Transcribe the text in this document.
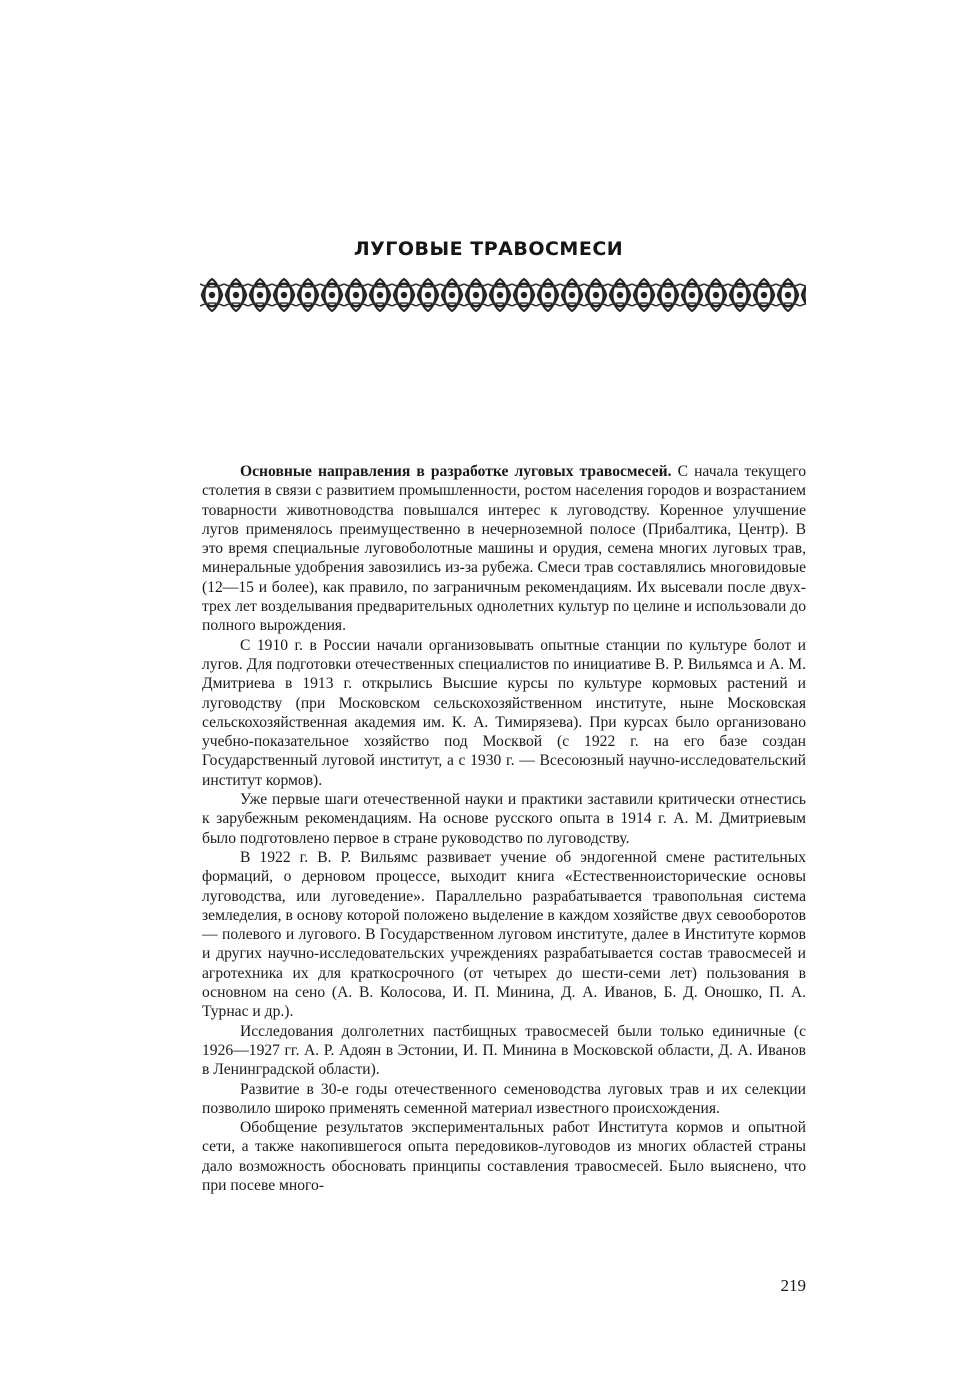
ЛУГОВЫЕ ТРАВОСМЕСИ

Основные направления в разработке луговых травосмесей. С начала текущего столетия в связи с развитием промышленности, ростом населения городов и возрастанием товарности животноводства повышался интерес к луговодству. Коренное улучшение лугов применялось преимущественно в нечерноземной полосе (Прибалтика, Центр). В это время специальные луговоболотные машины и орудия, семена многих луговых трав, минеральные удобрения завозились из-за рубежа. Смеси трав составлялись многовидовые (12—15 и более), как правило, по заграничным рекомендациям. Их высевали после двух-трех лет возделывания предварительных однолетних культур по целине и использовали до полного вырождения.

С 1910 г. в России начали организовывать опытные станции по культуре болот и лугов. Для подготовки отечественных специалистов по инициативе В. Р. Вильямса и А. М. Дмитриева в 1913 г. открылись Высшие курсы по культуре кормовых растений и луговодству (при Московском сельскохозяйственном институте, ныне Московская сельскохозяйственная академия им. К. А. Тимирязева). При курсах было организовано учебно-показательное хозяйство под Москвой (с 1922 г. на его базе создан Государственный луговой институт, а с 1930 г. — Всесоюзный научно-исследовательский институт кормов).

Уже первые шаги отечественной науки и практики заставили критически отнестись к зарубежным рекомендациям. На основе русского опыта в 1914 г. А. М. Дмитриевым было подготовлено первое в стране руководство по луговодству.

В 1922 г. В. Р. Вильямс развивает учение об эндогенной смене растительных формаций, о дерновом процессе, выходит книга «Естественноисторические основы луговодства, или луговедение». Параллельно разрабатывается травопольная система земледелия, в основу которой положено выделение в каждом хозяйстве двух севооборотов — полевого и лугового. В Государственном луговом институте, далее в Институте кормов и других научно-исследовательских учреждениях разрабатывается состав травосмесей и агротехника их для краткосрочного (от четырех до шести-семи лет) пользования в основном на сено (А. В. Колосова, И. П. Минина, Д. А. Иванов, Б. Д. Оношко, П. А. Турнас и др.).

Исследования долголетних пастбищных травосмесей были только единичные (с 1926—1927 гг. А. Р. Адоян в Эстонии, И. П. Минина в Московской области, Д. А. Иванов в Ленинградской области).

Развитие в 30-е годы отечественного семеноводства луговых трав и их селекции позволило широко применять семенной материал известного происхождения.

Обобщение результатов экспериментальных работ Института кормов и опытной сети, а также накопившегося опыта передовиков-луговодов из многих областей страны дало возможность обосновать принципы составления травосмесей. Было выяснено, что при посеве много-

219
